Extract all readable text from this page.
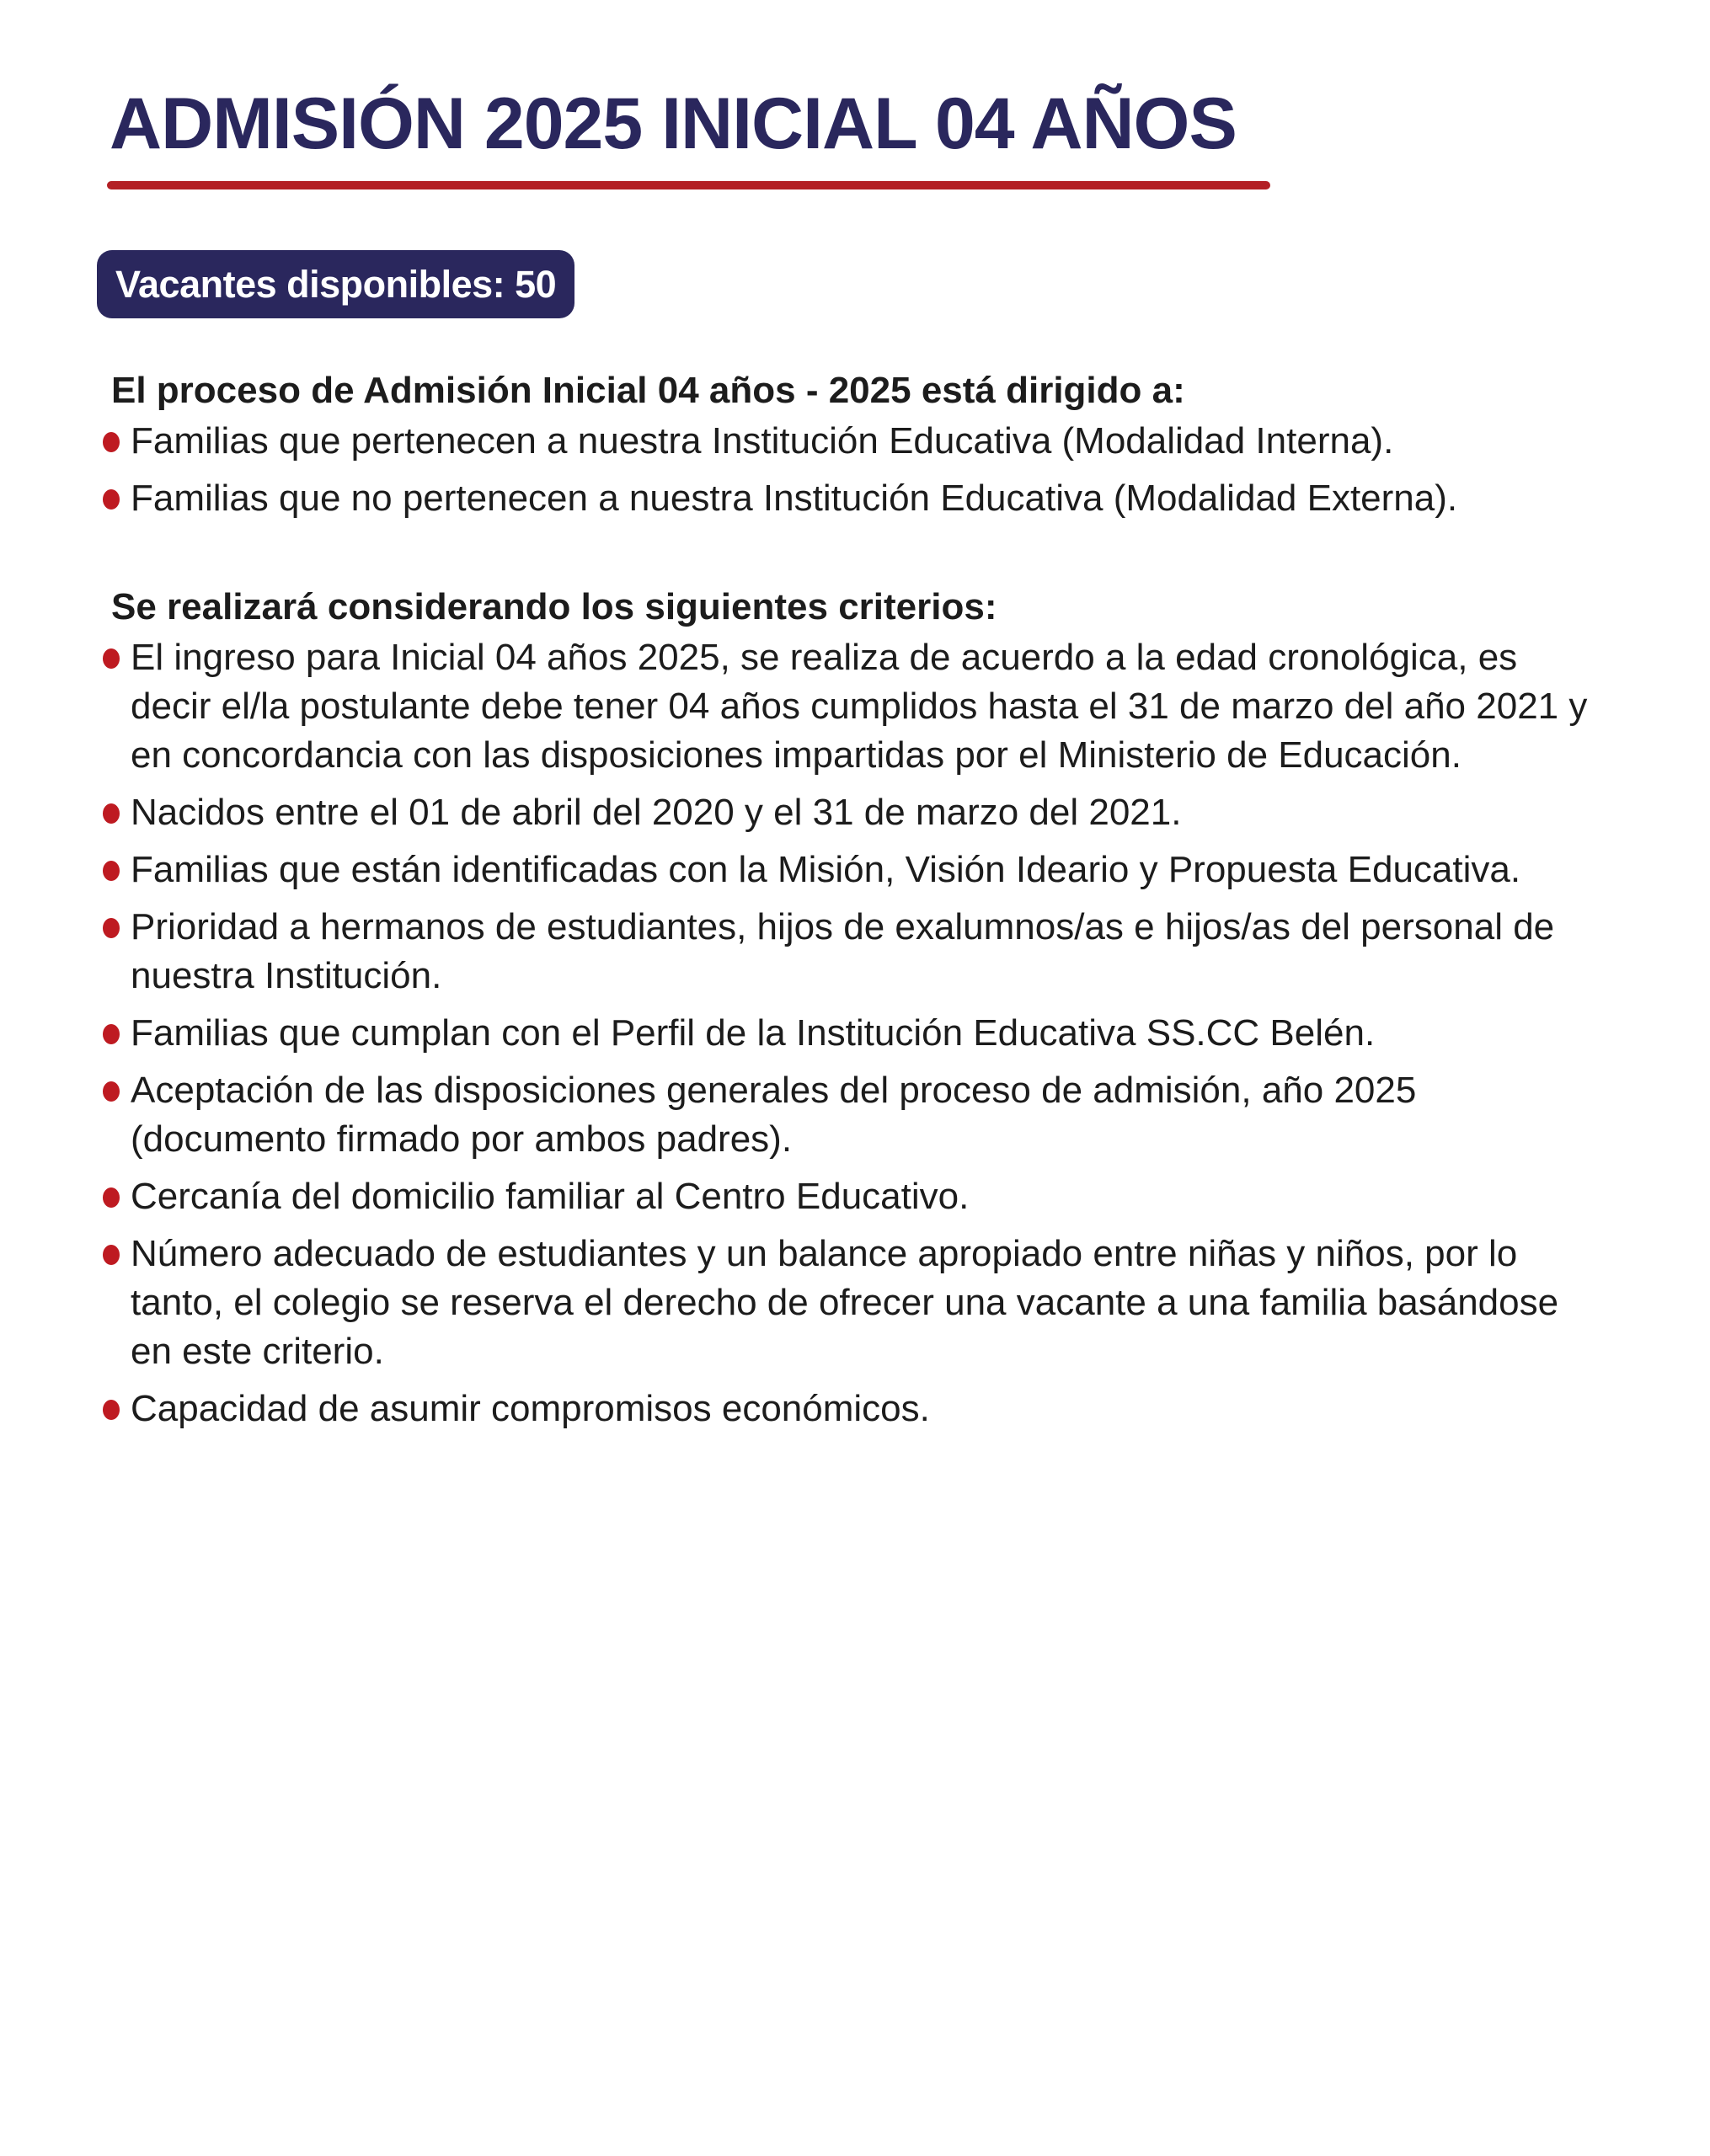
ADMISIÓN 2025 INICIAL 04 AÑOS
Vacantes disponibles: 50
El proceso de Admisión Inicial 04 años - 2025 está dirigido a:
Familias que pertenecen a nuestra Institución Educativa (Modalidad Interna).
Familias que no pertenecen a nuestra Institución Educativa (Modalidad Externa).
Se realizará considerando los siguientes criterios:
El ingreso para Inicial 04 años 2025, se realiza de acuerdo a la edad cronológica, es decir el/la postulante debe tener 04 años cumplidos hasta el 31 de marzo del año 2021 y en concordancia con las disposiciones impartidas por el Ministerio de Educación.
Nacidos entre el 01 de abril del 2020 y el 31 de marzo del 2021.
Familias que están identificadas con la Misión, Visión Ideario y Propuesta Educativa.
Prioridad a hermanos de estudiantes, hijos de exalumnos/as e hijos/as del personal de nuestra Institución.
Familias que cumplan con el Perfil de la Institución Educativa SS.CC Belén.
Aceptación de las disposiciones generales del proceso de admisión, año 2025 (documento firmado por ambos padres).
Cercanía del domicilio familiar al Centro Educativo.
Número adecuado de estudiantes y un balance apropiado entre niñas y niños, por lo tanto, el colegio se reserva el derecho de ofrecer una vacante a una familia basándose en este criterio.
Capacidad de asumir compromisos económicos.
